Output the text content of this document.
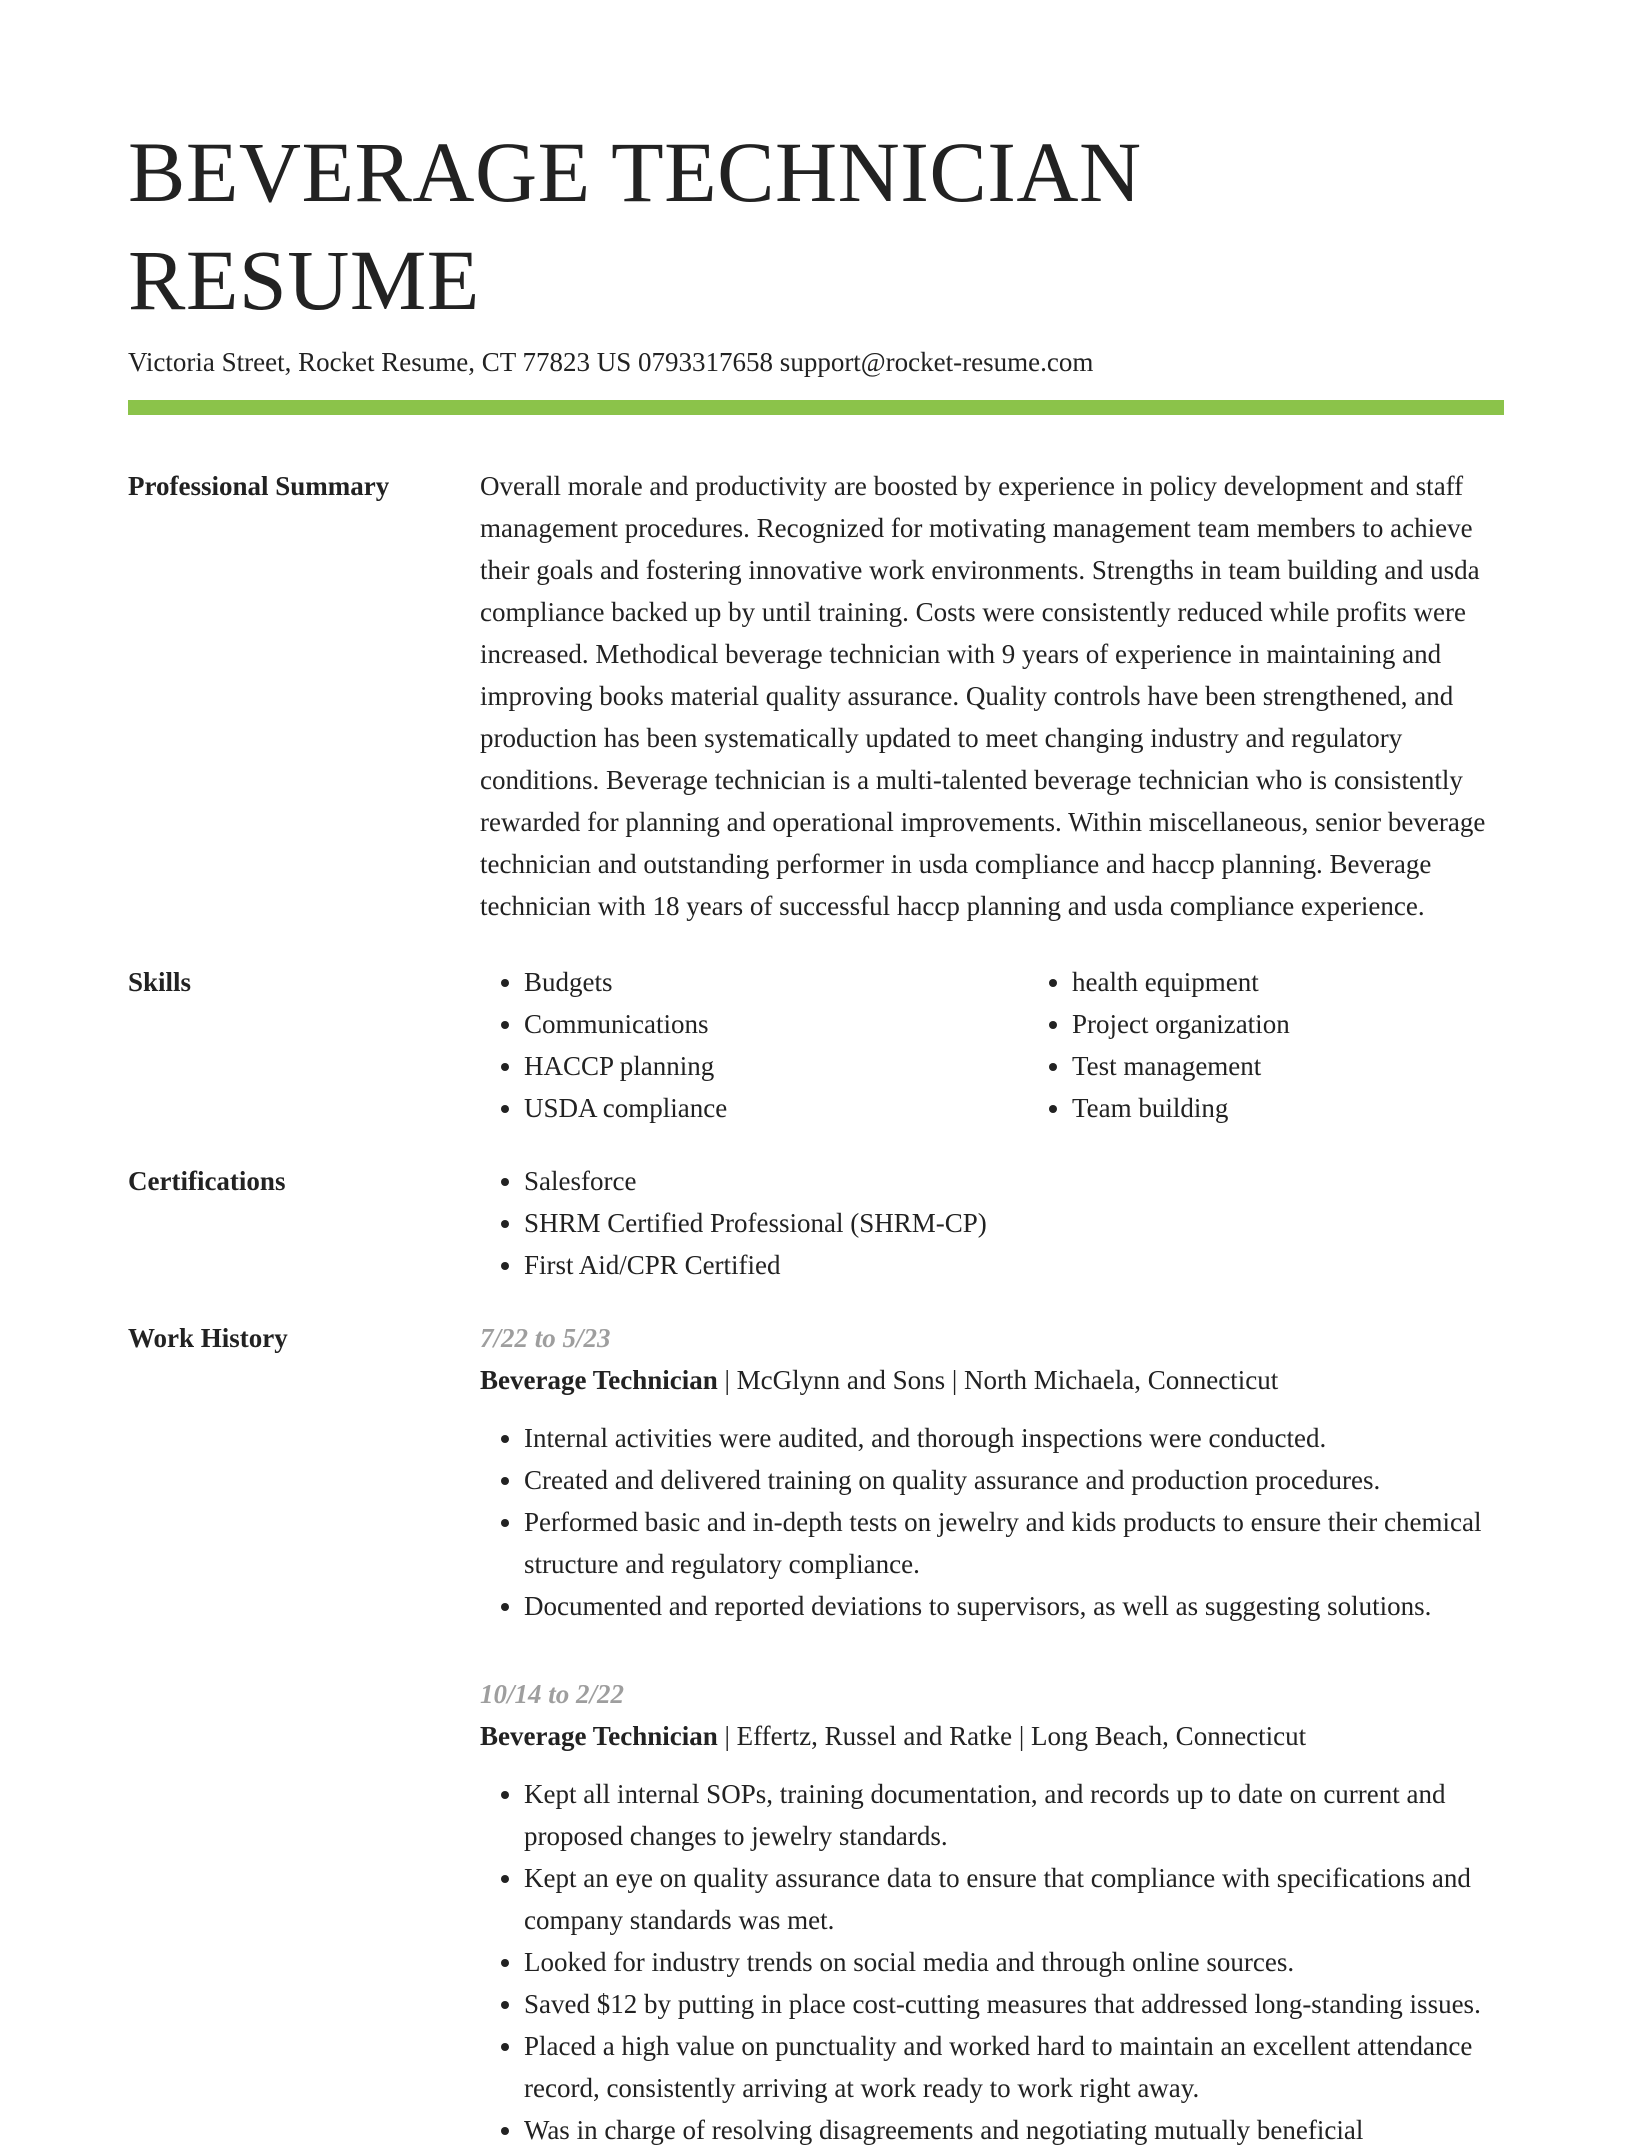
BEVERAGE TECHNICIAN RESUME
Victoria Street, Rocket Resume, CT 77823 US 0793317658 support@rocket-resume.com
Professional Summary	Overall morale and productivity are boosted by experience in policy development and staff management procedures. Recognized for motivating management team members to achieve their goals and fostering innovative work environments. Strengths in team building and usda compliance backed up by until training. Costs were consistently reduced while profits were increased. Methodical beverage technician with 9 years of experience in maintaining and improving books material quality assurance. Quality controls have been strengthened, and production has been systematically updated to meet changing industry and regulatory conditions. Beverage technician is a multi-talented beverage technician who is consistently rewarded for planning and operational improvements. Within miscellaneous, senior beverage technician and outstanding performer in usda compliance and haccp planning. Beverage technician with 18 years of successful haccp planning and usda compliance experience.

Skills	• Budgets
• Communications
• HACCP planning
• USDA compliance
• health equipment
• Project organization
• Test management
• Team building
Certifications	• Salesforce
• SHRM Certified Professional (SHRM-CP)
• First Aid/CPR Certified
Work History	7/22 to 5/23
Beverage Technician | McGlynn and Sons | North Michaela, Connecticut
• Internal activities were audited, and thorough inspections were conducted.
• Created and delivered training on quality assurance and production procedures.
• Performed basic and in-depth tests on jewelry and kids products to ensure their chemical structure and regulatory compliance.
• Documented and reported deviations to supervisors, as well as suggesting solutions.
10/14 to 2/22
Beverage Technician | Effertz, Russel and Ratke | Long Beach, Connecticut
• Kept all internal SOPs, training documentation, and records up to date on current and proposed changes to jewelry standards.
• Kept an eye on quality assurance data to ensure that compliance with specifications and company standards was met.
• Looked for industry trends on social media and through online sources.
• Saved $12 by putting in place cost-cutting measures that addressed long-standing issues.
• Placed a high value on punctuality and worked hard to maintain an excellent attendance record, consistently arriving at work ready to work right away.
• Was in charge of resolving disagreements and negotiating mutually beneficial
